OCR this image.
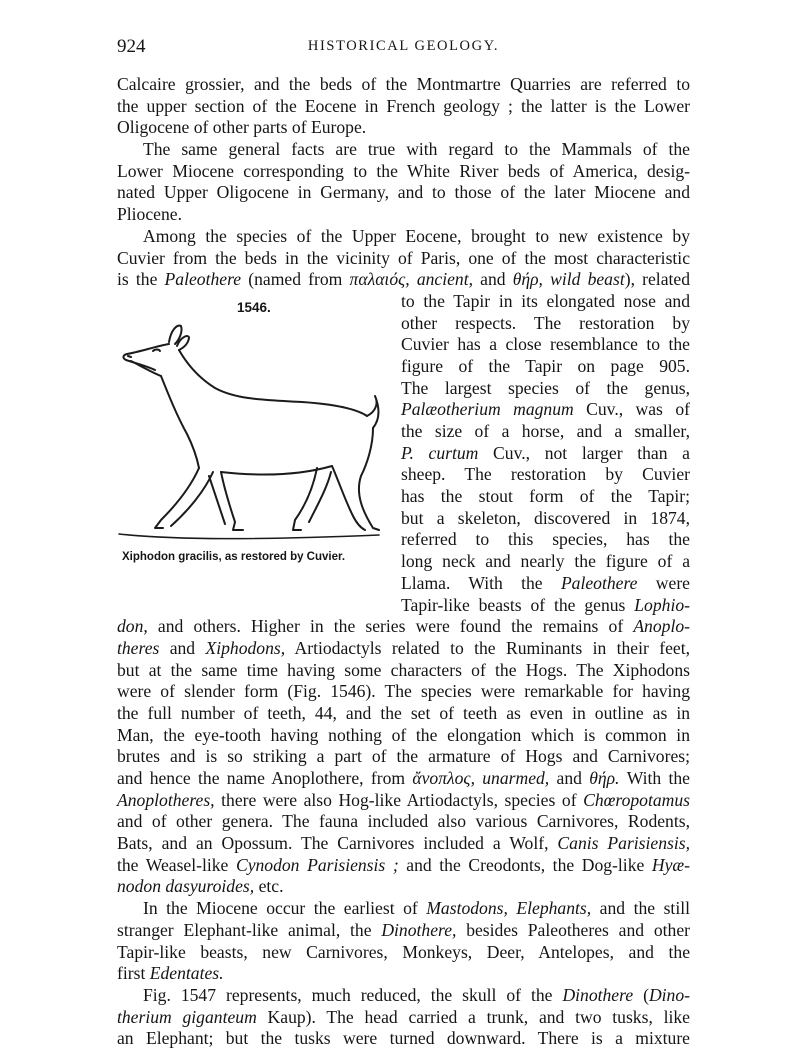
924	HISTORICAL GEOLOGY.
1546.
Xiphodon gracilis, as restored by Cuvier.
Calcaire grossier, and the beds of the Montmartre Quarries are referred to
the upper section of the Eocene in French geology ; the latter is the Lower
Oligocene of other parts of Europe.
The same general facts are true with regard to the Mammals of the
Lower Miocene corresponding to the White River beds of America, desig-
nated Upper Oligocene in Germany, and to those of the later Miocene and
Pliocene.
Among the species of the Upper Eocene, brought to new existence by
Cuvier from the beds in the vicinity of Paris, one of the most characteristic
is the Paleothere (named from παλαιός, ancient, and θήρ, wild beast), related
to the Tapir in its elongated nose and
other respects. The restoration by
Cuvier has a close resemblance to the
figure of the Tapir on page 905.
The largest species of the genus,
Palæotherium magnum Cuv., was of
the size of a horse, and a smaller,
P. curtum Cuv., not larger than a
sheep. The restoration by Cuvier
has the stout form of the Tapir;
but a skeleton, discovered in 1874,
referred to this species, has the
long neck and nearly the figure of a
Llama. With the Paleothere were
Tapir-like beasts of the genus Lophio-
don, and others. Higher in the series were found the remains of Anoplo-
theres and Xiphodons, Artiodactyls related to the Ruminants in their feet,
but at the same time having some characters of the Hogs. The Xiphodons
were of slender form (Fig. 1546). The species were remarkable for having
the full number of teeth, 44, and the set of teeth as even in outline as in
Man, the eye-tooth having nothing of the elongation which is common in
brutes and is so striking a part of the armature of Hogs and Carnivores;
and hence the name Anoplothere, from ἄνοπλος, unarmed, and θήρ. With the
Anoplotheres, there were also Hog-like Artiodactyls, species of Chœropotamus
and of other genera. The fauna included also various Carnivores, Rodents,
Bats, and an Opossum. The Carnivores included a Wolf, Canis Parisiensis,
the Weasel-like Cynodon Parisiensis ; and the Creodonts, the Dog-like Hyæ-
nodon dasyuroides, etc.
In the Miocene occur the earliest of Mastodons, Elephants, and the still
stranger Elephant-like animal, the Dinothere, besides Paleotheres and other
Tapir-like beasts, new Carnivores, Monkeys, Deer, Antelopes, and the
first Edentates.
Fig. 1547 represents, much reduced, the skull of the Dinothere (Dino-
therium giganteum Kaup). The head carried a trunk, and two tusks, like
an Elephant; but the tusks were turned downward. There is a mixture
